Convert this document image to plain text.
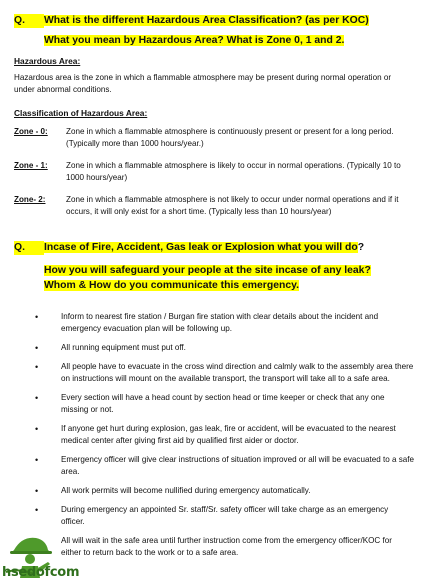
Q. What is the different Hazardous Area Classification? (as per KOC)
What you mean by Hazardous Area? What is Zone 0, 1 and 2.
Hazardous Area:
Hazardous area is the zone in which a flammable atmosphere may be present during normal operation or under abnormal conditions.
Classification of Hazardous Area:
Zone - 0: Zone in which a flammable atmosphere is continuously present or present for a long period. (Typically more than 1000 hours/year.)
Zone - 1: Zone in which a flammable atmosphere is likely to occur in normal operations. (Typically 10 to 1000 hours/year)
Zone- 2:	Zone in which a flammable atmosphere is not likely to occur under normal operations and if it occurs, it will only exist for a short time. (Typically less than 10 hours/year)
Q. Incase of Fire, Accident, Gas leak or Explosion what you will do?
How you will safeguard your people at the site incase of any leak?
Whom & How do you communicate this emergency.
•	Inform to nearest fire station / Burgan fire station with clear details about the incident and emergency evacuation plan will be following up.
•	All running equipment must put off.
•	All people have to evacuate in the cross wind direction and calmly walk to the assembly area there on instructions will mount on the available transport, the transport will take all to a safe area.
•	Every section will have a head count by section head or time keeper or check that any one missing or not.
•	If anyone get hurt during explosion, gas leak, fire or accident, will be evacuated to the nearest medical center after giving first aid by qualified first aider or doctor.
•	Emergency officer will give clear instructions of situation improved or all will be evacuated to a safe area.
•	All work permits will become nullified during emergency automatically.
•	During emergency an appointed Sr. staff/Sr. safety officer will take charge as an emergency officer.
All will wait in the safe area until further instruction come from the emergency officer/KOC for either to return back to the work or to a safe area.
hsedofcom
